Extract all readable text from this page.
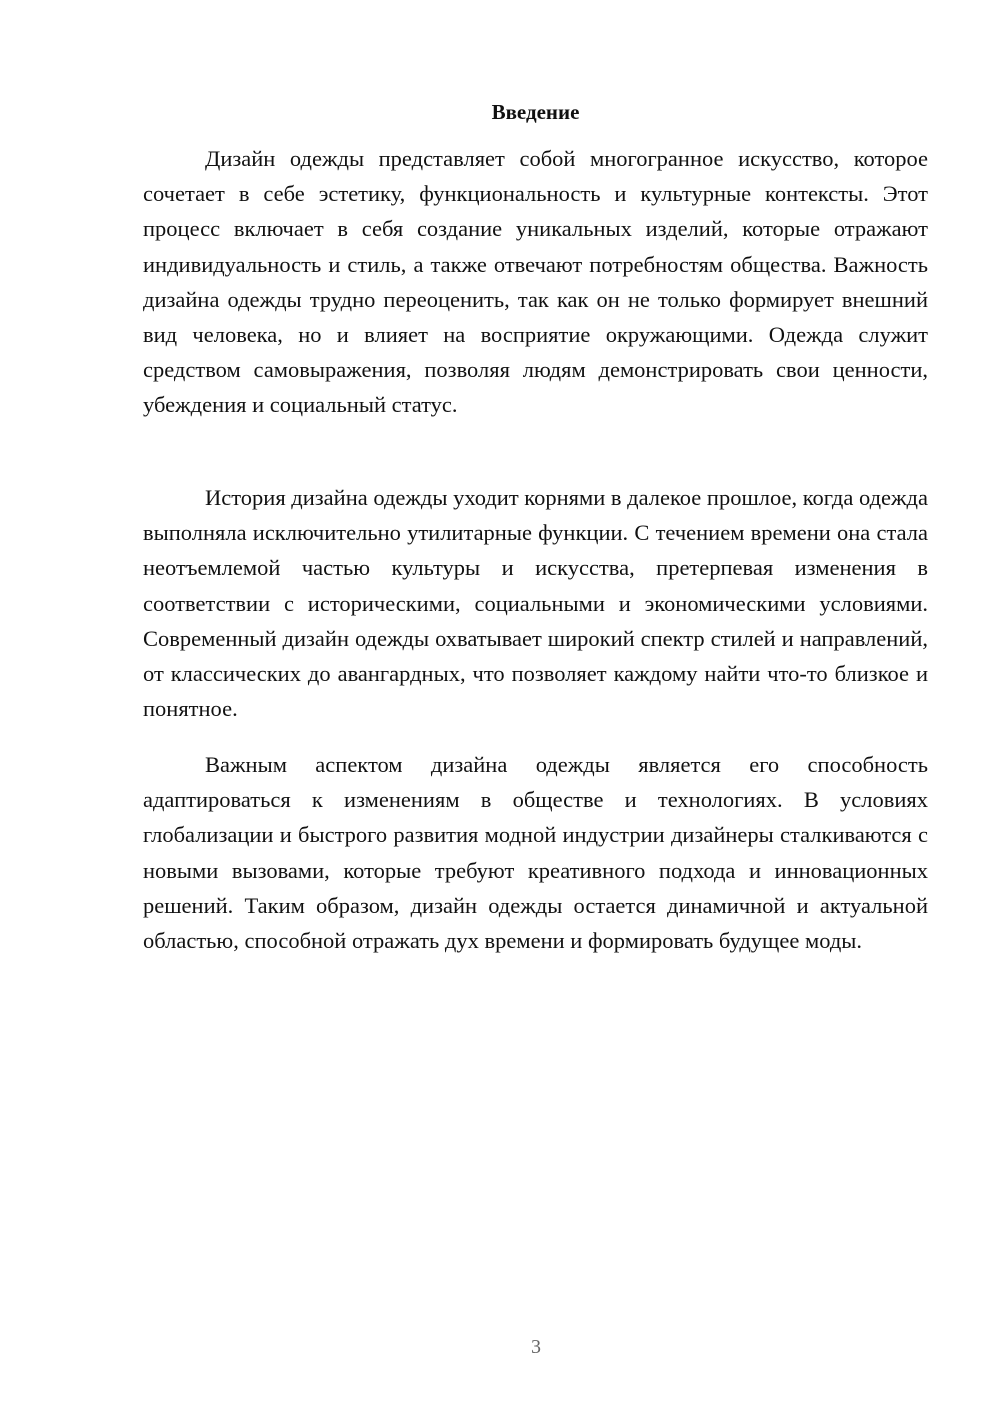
Введение

Дизайн одежды представляет собой многогранное искусство, которое сочетает в себе эстетику, функциональность и культурные контексты. Этот процесс включает в себя создание уникальных изделий, которые отражают индивидуальность и стиль, а также отвечают потребностям общества. Важность дизайна одежды трудно переоценить, так как он не только формирует внешний вид человека, но и влияет на восприятие окружающими. Одежда служит средством самовыражения, позволяя людям демонстрировать свои ценности, убеждения и социальный статус.

История дизайна одежды уходит корнями в далекое прошлое, когда одежда выполняла исключительно утилитарные функции. С течением времени она стала неотъемлемой частью культуры и искусства, претерпевая изменения в соответствии с историческими, социальными и экономическими условиями. Современный дизайн одежды охватывает широкий спектр стилей и направлений, от классических до авангардных, что позволяет каждому найти что-то близкое и понятное.

Важным аспектом дизайна одежды является его способность адаптироваться к изменениям в обществе и технологиях. В условиях глобализации и быстрого развития модной индустрии дизайнеры сталкиваются с новыми вызовами, которые требуют креативного подхода и инновационных решений. Таким образом, дизайн одежды остается динамичной и актуальной областью, способной отражать дух времени и формировать будущее моды.

3
